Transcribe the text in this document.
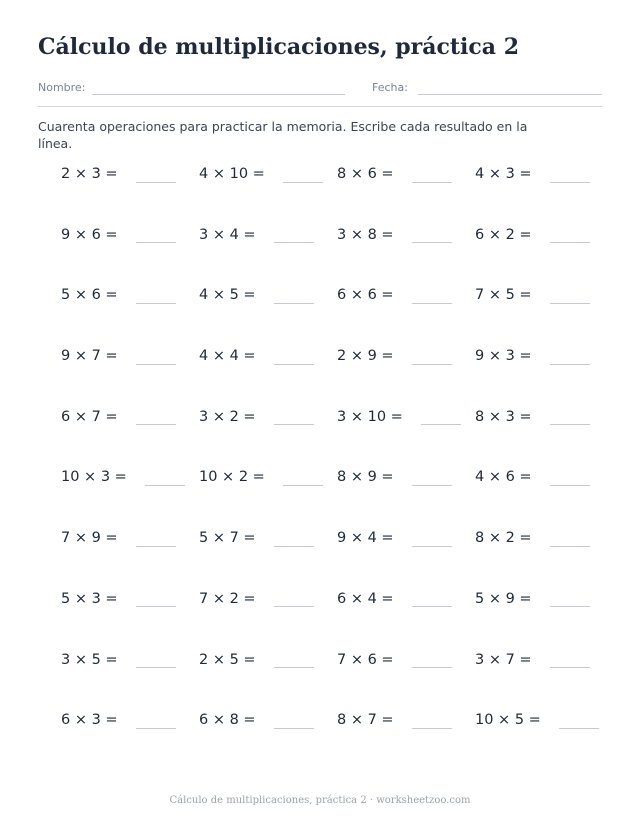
Cálculo de multiplicaciones, práctica 2
Nombre:	Fecha:

Cuarenta operaciones para practicar la memoria. Escribe cada resultado en la línea.

2 × 3 =	4 × 10 =	8 × 6 =	4 × 3 =
9 × 6 =	3 × 4 =	3 × 8 =	6 × 2 =
5 × 6 =	4 × 5 =	6 × 6 =	7 × 5 =
9 × 7 =	4 × 4 =	2 × 9 =	9 × 3 =
6 × 7 =	3 × 2 =	3 × 10 =	8 × 3 =
10 × 3 =	10 × 2 =	8 × 9 =	4 × 6 =
7 × 9 =	5 × 7 =	9 × 4 =	8 × 2 =
5 × 3 =	7 × 2 =	6 × 4 =	5 × 9 =
3 × 5 =	2 × 5 =	7 × 6 =	3 × 7 =
6 × 3 =	6 × 8 =	8 × 7 =	10 × 5 =
Cálculo de multiplicaciones, práctica 2 · worksheetzoo.com
